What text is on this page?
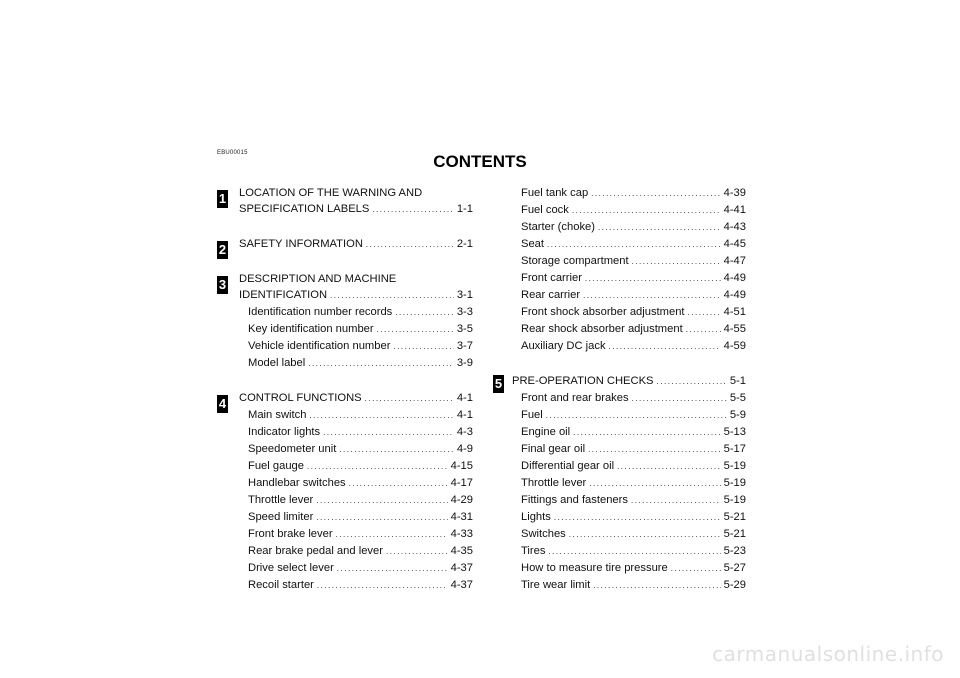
EBU00015	CONTENTS
1	LOCATION OF THE WARNING AND
SPECIFICATION LABELS .....	1-1
2 SAFETY INFORMATION .....	2-1
3	DESCRIPTION AND MACHINE
IDENTIFICATION .....	3-1
Identification number records .....	3-3
Key identification number .....	3-5
Vehicle identification number .....	3-7
Model label .....	3-9
4 CONTROL FUNCTIONS .....	4-1
Main switch .....	4-1
Indicator lights .....	4-3
Speedometer unit .....	4-9
Fuel gauge .....	4-15
Handlebar switches .....	4-17
Throttle lever .....	4-29
Speed limiter .....	4-31
Front brake lever .....	4-33
Rear brake pedal and lever .....	4-35
Drive select lever .....	4-37
Recoil starter .....	4-37
Fuel tank cap .....	4-39
Fuel cock .....	4-41
Starter (choke) .....	4-43
Seat .....	4-45
Storage compartment .....	4-47
Front carrier .....	4-49
Rear carrier .....	4-49
Front shock absorber adjustment .....	4-51
Rear shock absorber adjustment .....	4-55
Auxiliary DC jack .....	4-59
5 PRE-OPERATION CHECKS .....	5-1
Front and rear brakes .....	5-5
Fuel .....	5-9
Engine oil .....	5-13
Final gear oil .....	5-17
Differential gear oil .....	5-19
Throttle lever .....	5-19
Fittings and fasteners .....	5-19
Lights .....	5-21
Switches .....	5-21
Tires .....	5-23
How to measure tire pressure .....	5-27
Tire wear limit .....	5-29
carmanualsonline.info
